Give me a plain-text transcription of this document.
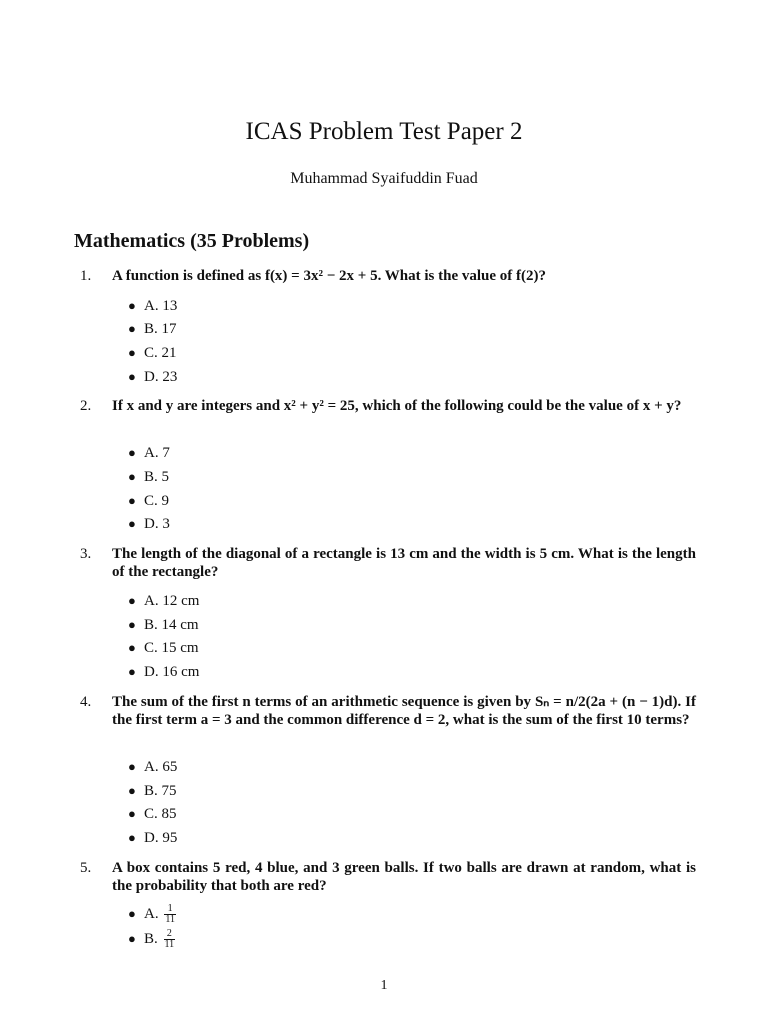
ICAS Problem Test Paper 2
Muhammad Syaifuddin Fuad
Mathematics (35 Problems)
1.	A function is defined as f(x) = 3x² − 2x + 5. What is the value of f(2)?
● A. 13
● B. 17
● C. 21
● D. 23
2.	If x and y are integers and x² + y² = 25, which of the following could be the value of x + y?
● A. 7
● B. 5
● C. 9
● D. 3
3.	The length of the diagonal of a rectangle is 13 cm and the width is 5 cm. What is the length of the rectangle?
● A. 12 cm
● B. 14 cm
● C. 15 cm
● D. 16 cm
4.	The sum of the first n terms of an arithmetic sequence is given by Sₙ = n/2(2a + (n − 1)d). If the first term a = 3 and the common difference d = 2, what is the sum of the first 10 terms?
● A. 65
● B. 75
● C. 85
● D. 95
5.	A box contains 5 red, 4 blue, and 3 green balls. If two balls are drawn at random, what is the probability that both are red?
● A. $\frac{1}{11}$
● B. $\frac{2}{11}$
1
